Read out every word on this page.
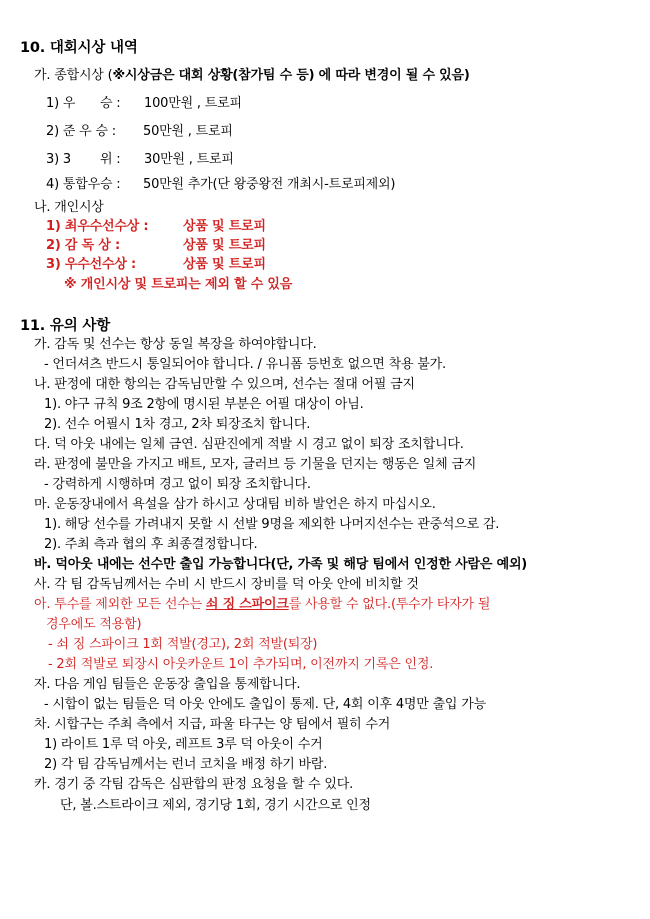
10. 대회시상 내역
가. 종합시상 (※시상금은 대회 상황(참가팀 수 등) 에 따라 변경이 될 수 있음)
1) 우 승 : 100만원 , 트로피
2) 준 우 승 : 50만원 , 트로피
3) 3 위 : 30만원 , 트로피
4) 통합우승 : 50만원 추가(단 왕중왕전 개최시-트로피제외)
나. 개인시상
1) 최우수선수상 :	상품 및 트로피
2) 감 독 상 :	상품 및 트로피
3) 우수선수상 :	상품 및 트로피
※ 개인시상 및 트로피는 제외 할 수 있음
11. 유의 사항
가. 감독 및 선수는 항상 동일 복장을 하여야합니다.
- 언더셔츠 반드시 통일되어야 합니다. / 유니폼 등번호 없으면 착용 불가.
나. 판정에 대한 항의는 감독님만할 수 있으며, 선수는 절대 어필 금지
1). 야구 규칙 9조 2항에 명시된 부분은 어필 대상이 아님.
2). 선수 어필시 1차 경고, 2차 퇴장조치 합니다.
다. 덕 아웃 내에는 일체 금연. 심판진에게 적발 시 경고 없이 퇴장 조치합니다.
라. 판정에 불만을 가지고 배트, 모자, 글러브 등 기물을 던지는 행동은 일체 금지
- 강력하게 시행하며 경고 없이 퇴장 조치합니다.
마. 운동장내에서 욕설을 삼가 하시고 상대팀 비하 발언은 하지 마십시오.
1). 해당 선수를 가려내지 못할 시 선발 9명을 제외한 나머지선수는 관중석으로 감.
2). 주최 측과 협의 후 최종결정합니다.
바. 덕아웃 내에는 선수만 출입 가능합니다(단, 가족 및 해당 팀에서 인정한 사람은 예외)
사. 각 팀 감독님께서는 수비 시 반드시 장비를 덕 아웃 안에 비치할 것
아. 투수를 제외한 모든 선수는 쇠 징 스파이크를 사용할 수 없다.(투수가 타자가 될
경우에도 적용함)
- 쇠 징 스파이크 1회 적발(경고), 2회 적발(퇴장)
- 2회 적발로 퇴장시 아웃카운트 1이 추가되며, 이전까지 기록은 인정.
자. 다음 게임 팀들은 운동장 출입을 통제합니다.
- 시합이 없는 팀들은 덕 아웃 안에도 출입이 통제. 단, 4회 이후 4명만 출입 가능
차. 시합구는 주최 측에서 지급, 파울 타구는 양 팀에서 필히 수거
1) 라이트 1루 덕 아웃, 레프트 3루 덕 아웃이 수거
2) 각 팀 감독님께서는 런너 코치을 배정 하기 바람.
카. 경기 중 각팀 감독은 심판합의 판정 요청을 할 수 있다.
단, 볼.스트라이크 제외, 경기당 1회, 경기 시간으로 인정
